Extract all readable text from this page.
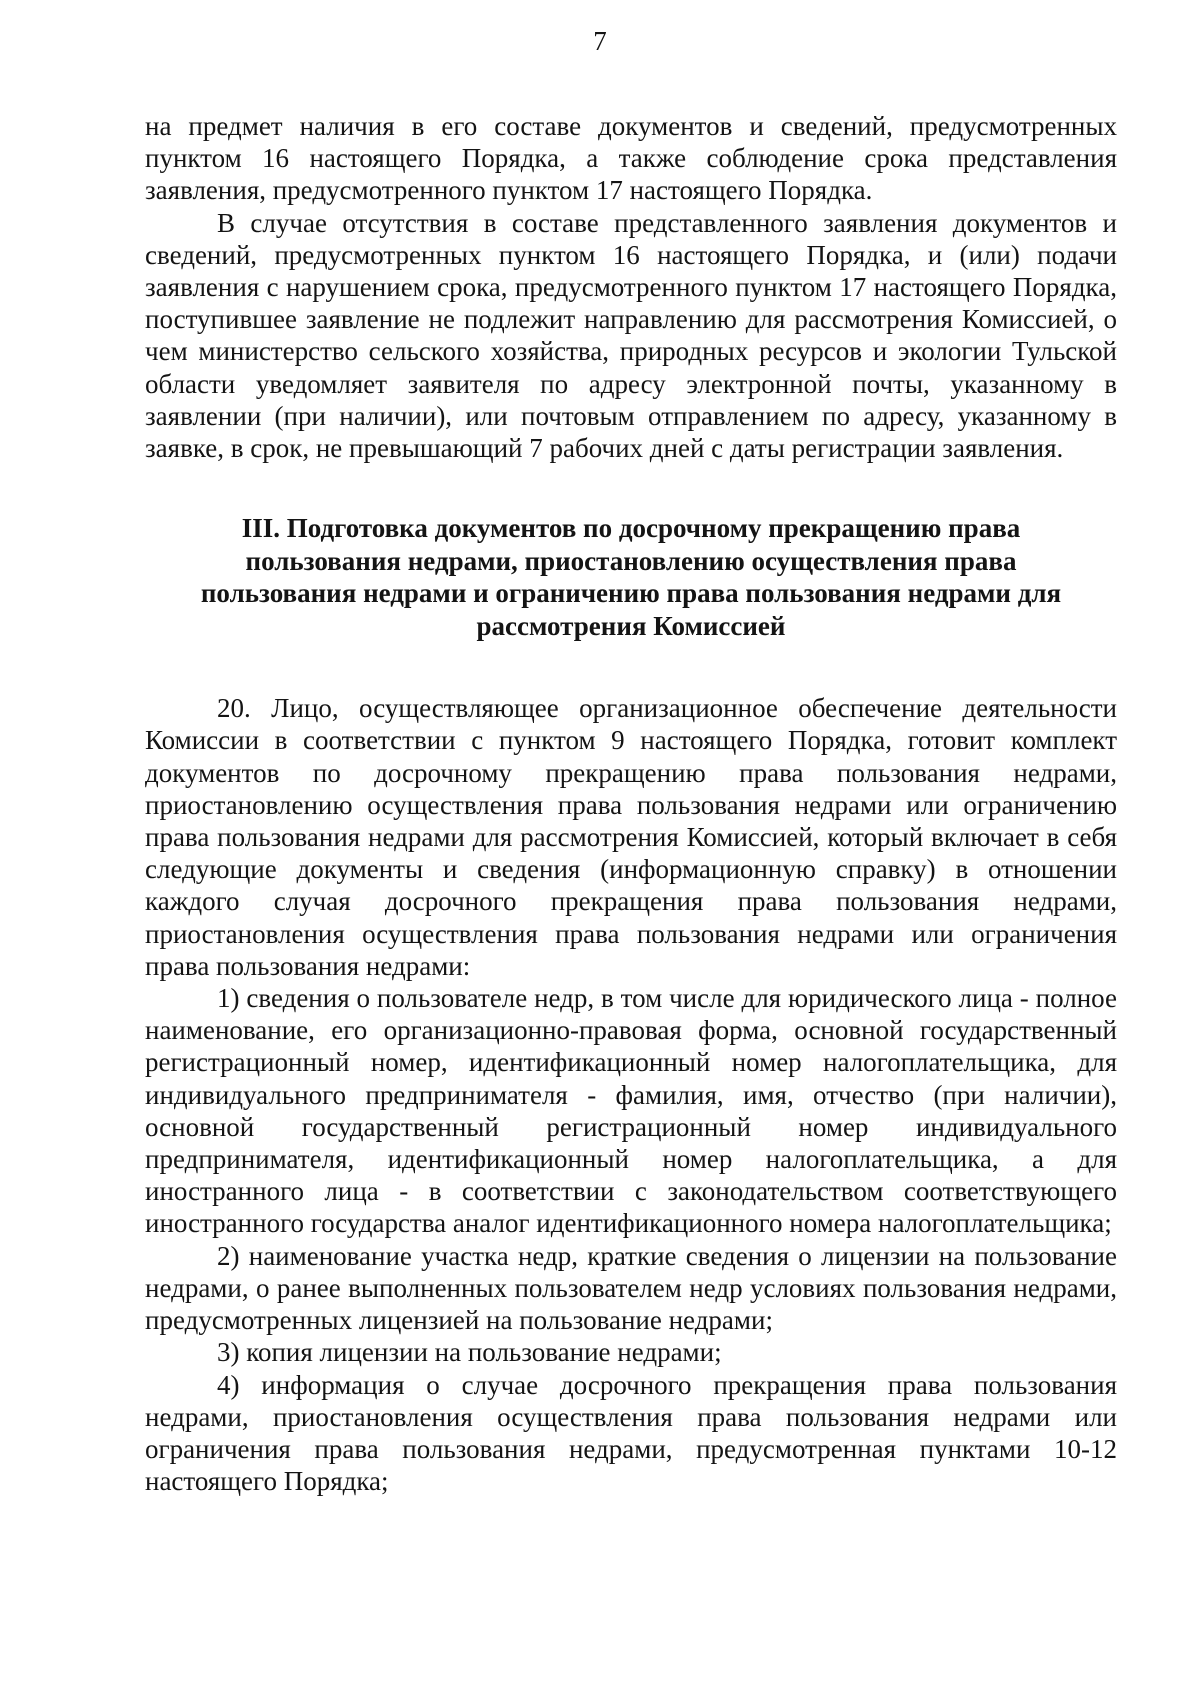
7

на предмет наличия в его составе документов и сведений, предусмотренных пунктом 16 настоящего Порядка, а также соблюдение срока представления заявления, предусмотренного пунктом 17 настоящего Порядка.

В случае отсутствия в составе представленного заявления документов и сведений, предусмотренных пунктом 16 настоящего Порядка, и (или) подачи заявления с нарушением срока, предусмотренного пунктом 17 настоящего Порядка, поступившее заявление не подлежит направлению для рассмотрения Комиссией, о чем министерство сельского хозяйства, природных ресурсов и экологии Тульской области уведомляет заявителя по адресу электронной почты, указанному в заявлении (при наличии), или почтовым отправлением по адресу, указанному в заявке, в срок, не превышающий 7 рабочих дней с даты регистрации заявления.

III. Подготовка документов по досрочному прекращению права пользования недрами, приостановлению осуществления права пользования недрами и ограничению права пользования недрами для рассмотрения Комиссией

20. Лицо, осуществляющее организационное обеспечение деятельности Комиссии в соответствии с пунктом 9 настоящего Порядка, готовит комплект документов по досрочному прекращению права пользования недрами, приостановлению осуществления права пользования недрами или ограничению права пользования недрами для рассмотрения Комиссией, который включает в себя следующие документы и сведения (информационную справку) в отношении каждого случая досрочного прекращения права пользования недрами, приостановления осуществления права пользования недрами или ограничения права пользования недрами:

1) сведения о пользователе недр, в том числе для юридического лица - полное наименование, его организационно-правовая форма, основной государственный регистрационный номер, идентификационный номер налогоплательщика, для индивидуального предпринимателя - фамилия, имя, отчество (при наличии), основной государственный регистрационный номер индивидуального предпринимателя, идентификационный номер налогоплательщика, а для иностранного лица - в соответствии с законодательством соответствующего иностранного государства аналог идентификационного номера налогоплательщика;

2) наименование участка недр, краткие сведения о лицензии на пользование недрами, о ранее выполненных пользователем недр условиях пользования недрами, предусмотренных лицензией на пользование недрами;

3) копия лицензии на пользование недрами;

4) информация о случае досрочного прекращения права пользования недрами, приостановления осуществления права пользования недрами или ограничения права пользования недрами, предусмотренная пунктами 10-12 настоящего Порядка;
